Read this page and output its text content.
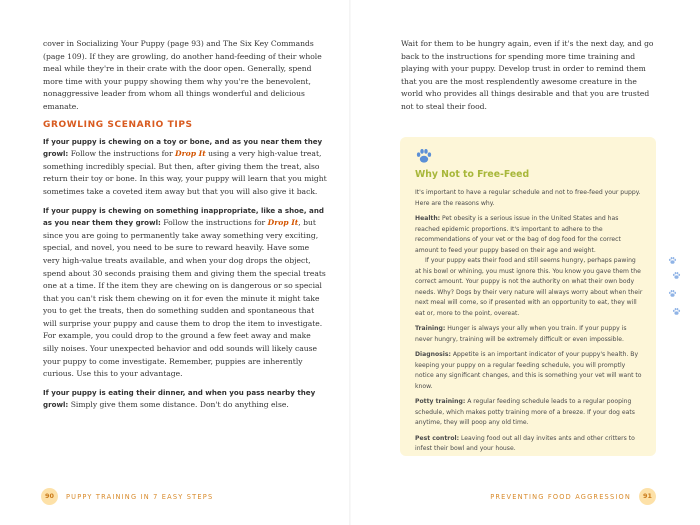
cover in Socializing Your Puppy (page 93) and The Six Key Commands (page 109). If they are growling, do another hand-feeding of their whole meal while they're in their crate with the door open. Generally, spend more time with your puppy showing them why you're the benevolent, nonaggressive leader from whom all things wonderful and delicious emanate.

GROWLING SCENARIO TIPS

If your puppy is chewing on a toy or bone, and as you near them they growl: Follow the instructions for Drop It using a very high-value treat, something incredibly special. But then, after giving them the treat, also return their toy or bone. In this way, your puppy will learn that you might sometimes take a coveted item away but that you will also give it back.

If your puppy is chewing on something inappropriate, like a shoe, and as you near them they growl: Follow the instructions for Drop It, but since you are going to permanently take away something very exciting, special, and novel, you need to be sure to reward heavily. Have some very high-value treats available, and when your dog drops the object, spend about 30 seconds praising them and giving them the special treats one at a time. If the item they are chewing on is dangerous or so special that you can't risk them chewing on it for even the minute it might take you to get the treats, then do something sudden and spontaneous that will surprise your puppy and cause them to drop the item to investigate. For example, you could drop to the ground a few feet away and make silly noises. Your unexpected behavior and odd sounds will likely cause your puppy to come investigate. Remember, puppies are inherently curious. Use this to your advantage.

If your puppy is eating their dinner, and when you pass nearby they growl: Simply give them some distance. Don't do anything else.

90 PUPPY TRAINING IN 7 EASY STEPS

Wait for them to be hungry again, even if it's the next day, and go back to the instructions for spending more time training and playing with your puppy. Develop trust in order to remind them that you are the most resplendently awesome creature in the world who provides all things desirable and that you are trusted not to steal their food.

Why Not to Free-Feed

It's important to have a regular schedule and not to free-feed your puppy. Here are the reasons why.

Health: Pet obesity is a serious issue in the United States and has reached epidemic proportions. It's important to adhere to the recommendations of your vet or the bag of dog food for the correct amount to feed your puppy based on their age and weight.

If your puppy eats their food and still seems hungry, perhaps pawing at his bowl or whining, you must ignore this. You know you gave them the correct amount. Your puppy is not the authority on what their own body needs. Why? Dogs by their very nature will always worry about when their next meal will come, so if presented with an opportunity to eat, they will eat or, more to the point, overeat.

Training: Hunger is always your ally when you train. If your puppy is never hungry, training will be extremely difficult or even impossible.

Diagnosis: Appetite is an important indicator of your puppy's health. By keeping your puppy on a regular feeding schedule, you will promptly notice any significant changes, and this is something your vet will want to know.

Potty training: A regular feeding schedule leads to a regular pooping schedule, which makes potty training more of a breeze. If your dog eats anytime, they will poop any old time.

Pest control: Leaving food out all day invites ants and other critters to infest their bowl and your house.

PREVENTING FOOD AGGRESSION 91
